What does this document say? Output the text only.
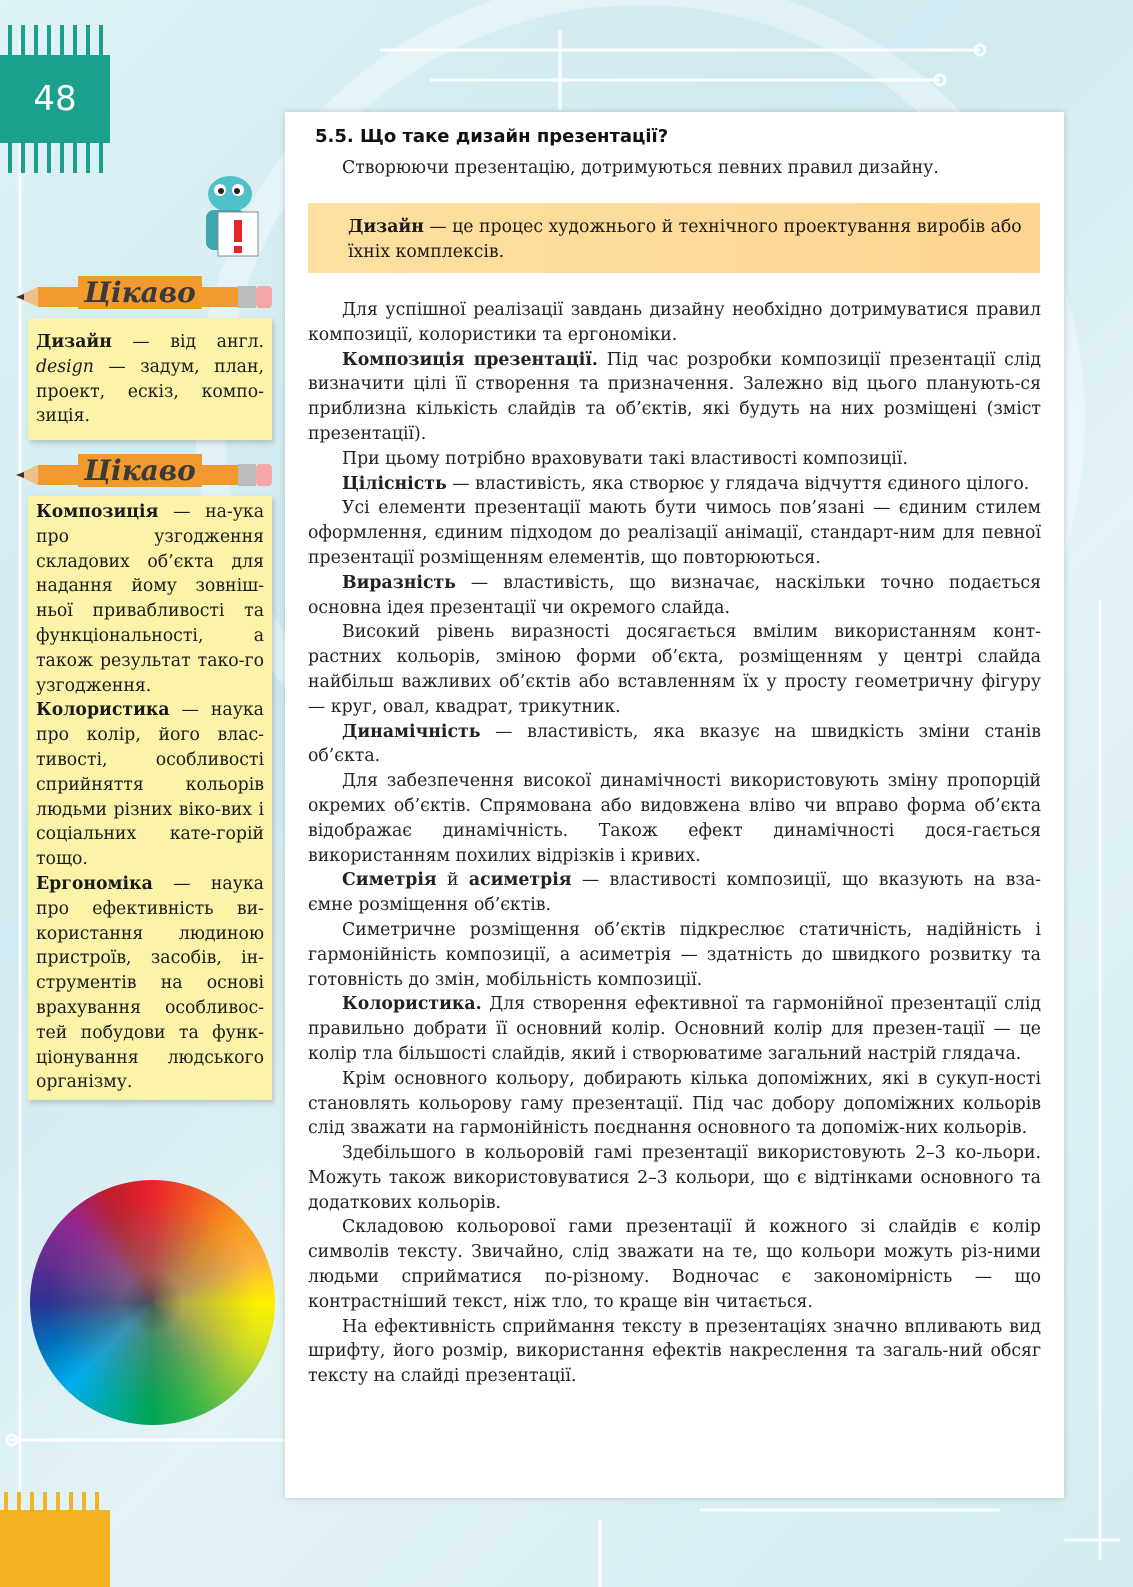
48
Цікаво

Дизайн — від англ. design — задум, план, проект, ескіз, компо-зиція.

Цікаво

Композиція — на-ука про узгодження складових об’єкта для надання йому зовніш-ньої привабливості та функціональності, а також результат тако-го узгодження.

Колористика — наука про колір, його влас-тивості, особливості сприйняття кольорів людьми різних віко-вих і соціальних кате-горій тощо.

Ергономіка — наука про ефективність ви-користання людиною пристроїв, засобів, ін-струментів на основі врахування особливос-тей побудови та функ-ціонування людського організму.

5.5. Що таке дизайн презентації?

Створюючи презентацію, дотримуються певних правил дизайну.

Дизайн — це процес художнього й технічного проектування виробів або їхніх комплексів.

Для успішної реалізації завдань дизайну необхідно дотримуватися правил композиції, колористики та ергономіки.

Композиція презентації. Під час розробки композиції презентації слід визначити цілі її створення та призначення. Залежно від цього планують-ся приблизна кількість слайдів та об’єктів, які будуть на них розміщені (зміст презентації).

При цьому потрібно враховувати такі властивості композиції.

Цілісність — властивість, яка створює у глядача відчуття єдиного цілого.

Усі елементи презентації мають бути чимось пов’язані — єдиним стилем оформлення, єдиним підходом до реалізації анімації, стандарт-ним для певної презентації розміщенням елементів, що повторюються.

Виразність — властивість, що визначає, наскільки точно подається основна ідея презентації чи окремого слайда.

Високий рівень виразності досягається вмілим використанням конт-растних кольорів, зміною форми об’єкта, розміщенням у центрі слайда найбільш важливих об’єктів або вставленням їх у просту геометричну фігуру — круг, овал, квадрат, трикутник.

Динамічність — властивість, яка вказує на швидкість зміни станів об’єкта.

Для забезпечення високої динамічності використовують зміну пропорцій окремих об’єктів. Спрямована або видовжена вліво чи вправо форма об’єкта відображає динамічність. Також ефект динамічності дося-гається використанням похилих відрізків і кривих.

Симетрія й асиметрія — властивості композиції, що вказують на вза-ємне розміщення об’єктів.

Симетричне розміщення об’єктів підкреслює статичність, надійність і гармонійність композиції, а асиметрія — здатність до швидкого розвитку та готовність до змін, мобільність композиції.

Колористика. Для створення ефективної та гармонійної презентації слід правильно добрати її основний колір. Основний колір для презен-тації — це колір тла більшості слайдів, який і створюватиме загальний настрій глядача.

Крім основного кольору, добирають кілька допоміжних, які в сукуп-ності становлять кольорову гаму презентації. Під час добору допоміжних кольорів слід зважати на гармонійність поєднання основного та допоміж-них кольорів.

Здебільшого в кольоровій гамі презентації використовують 2–3 ко-льори. Можуть також використовуватися 2–3 кольори, що є відтінками основного та додаткових кольорів.

Складовою кольорової гами презентації й кожного зі слайдів є колір символів тексту. Звичайно, слід зважати на те, що кольори можуть різ-ними людьми сприйматися по-різному. Водночас є закономірність — що контрастніший текст, ніж тло, то краще він читається.

На ефективність сприймання тексту в презентаціях значно впливають вид шрифту, його розмір, використання ефектів накреслення та загаль-ний обсяг тексту на слайді презентації.
